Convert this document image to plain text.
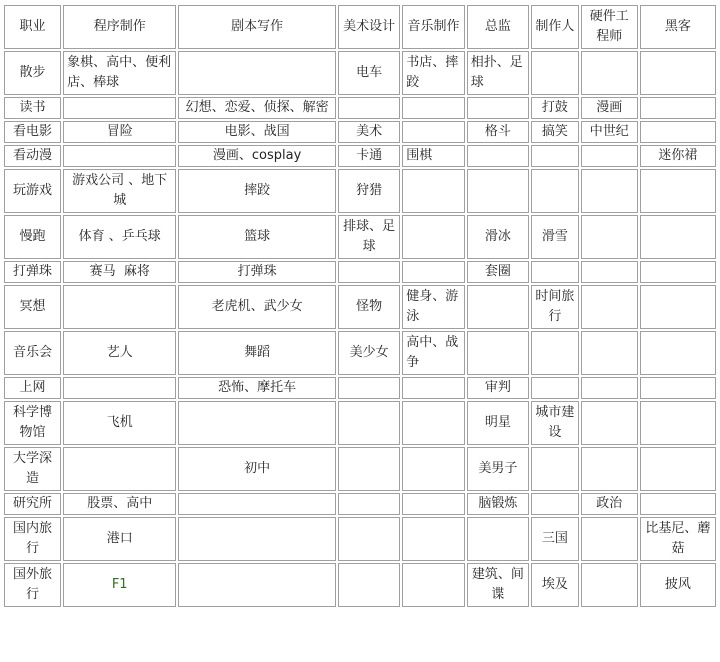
职业	程序制作	剧本写作	美术设计	音乐制作	总监	制作人	硬件工程师	黑客
散步	象棋、高中、便利店、棒球		电车	书店、摔跤	相扑、足球			
读书		幻想、恋爱、侦探、解密				打鼓	漫画	
看电影	冒险	电影、战国	美术		格斗	搞笑	中世纪	
看动漫		漫画、cosplay	卡通	围棋				迷你裙
玩游戏	游戏公司 、地下城	摔跤	狩猎					
慢跑	体育 、乒乓球	篮球	排球、足球		滑冰	滑雪		
打弹珠	赛马  麻将	打弹珠			套圈			
冥想		老虎机、武少女	怪物	健身、游泳		时间旅行		
音乐会	艺人	舞蹈	美少女	高中、战争				
上网		恐怖、摩托车			审判			
科学博物馆	飞机				明星	城市建设		
大学深造		初中			美男子			
研究所	股票、高中				脑锻炼		政治	
国内旅行	港口					三国		比基尼、蘑菇
国外旅行	F1				建筑、间谍	埃及		披风
